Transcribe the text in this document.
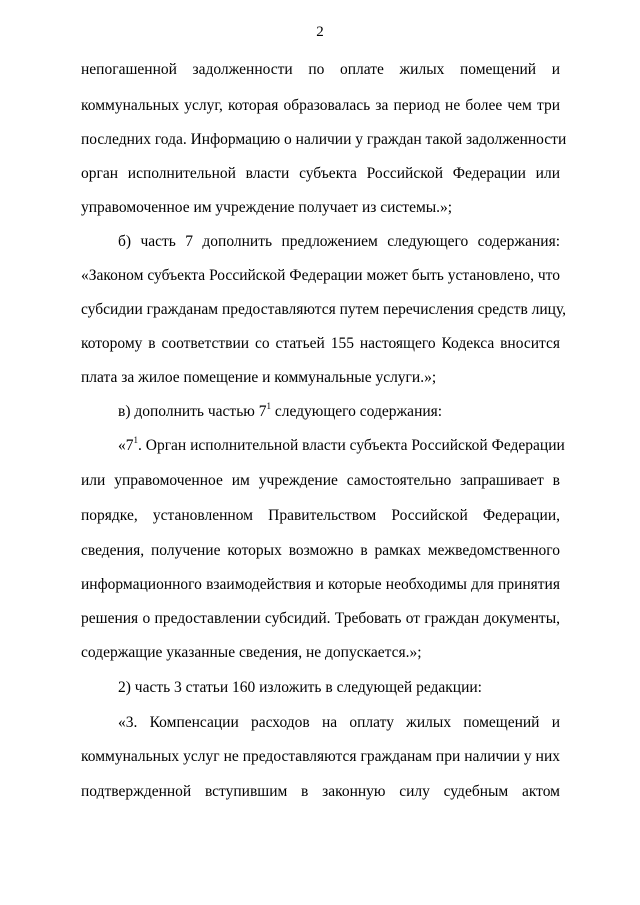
2
непогашенной задолженности по оплате жилых помещений и
коммунальных услуг, которая образовалась за период не более чем три
последних года. Информацию о наличии у граждан такой задолженности
орган исполнительной власти субъекта Российской Федерации или
управомоченное им учреждение получает из системы.»;
б) часть 7 дополнить предложением следующего содержания:
«Законом субъекта Российской Федерации может быть установлено, что
субсидии гражданам предоставляются путем перечисления средств лицу,
которому в соответствии со статьей 155 настоящего Кодекса вносится
плата за жилое помещение и коммунальные услуги.»;
в) дополнить частью $7^1$ следующего содержания:
«$7^1$. Орган исполнительной власти субъекта Российской Федерации
или управомоченное им учреждение самостоятельно запрашивает в
порядке, установленном Правительством Российской Федерации,
сведения, получение которых возможно в рамках межведомственного
информационного взаимодействия и которые необходимы для принятия
решения о предоставлении субсидий. Требовать от граждан документы,
содержащие указанные сведения, не допускается.»;
2) часть 3 статьи 160 изложить в следующей редакции:
«3. Компенсации расходов на оплату жилых помещений и
коммунальных услуг не предоставляются гражданам при наличии у них
подтвержденной вступившим в законную силу судебным актом
